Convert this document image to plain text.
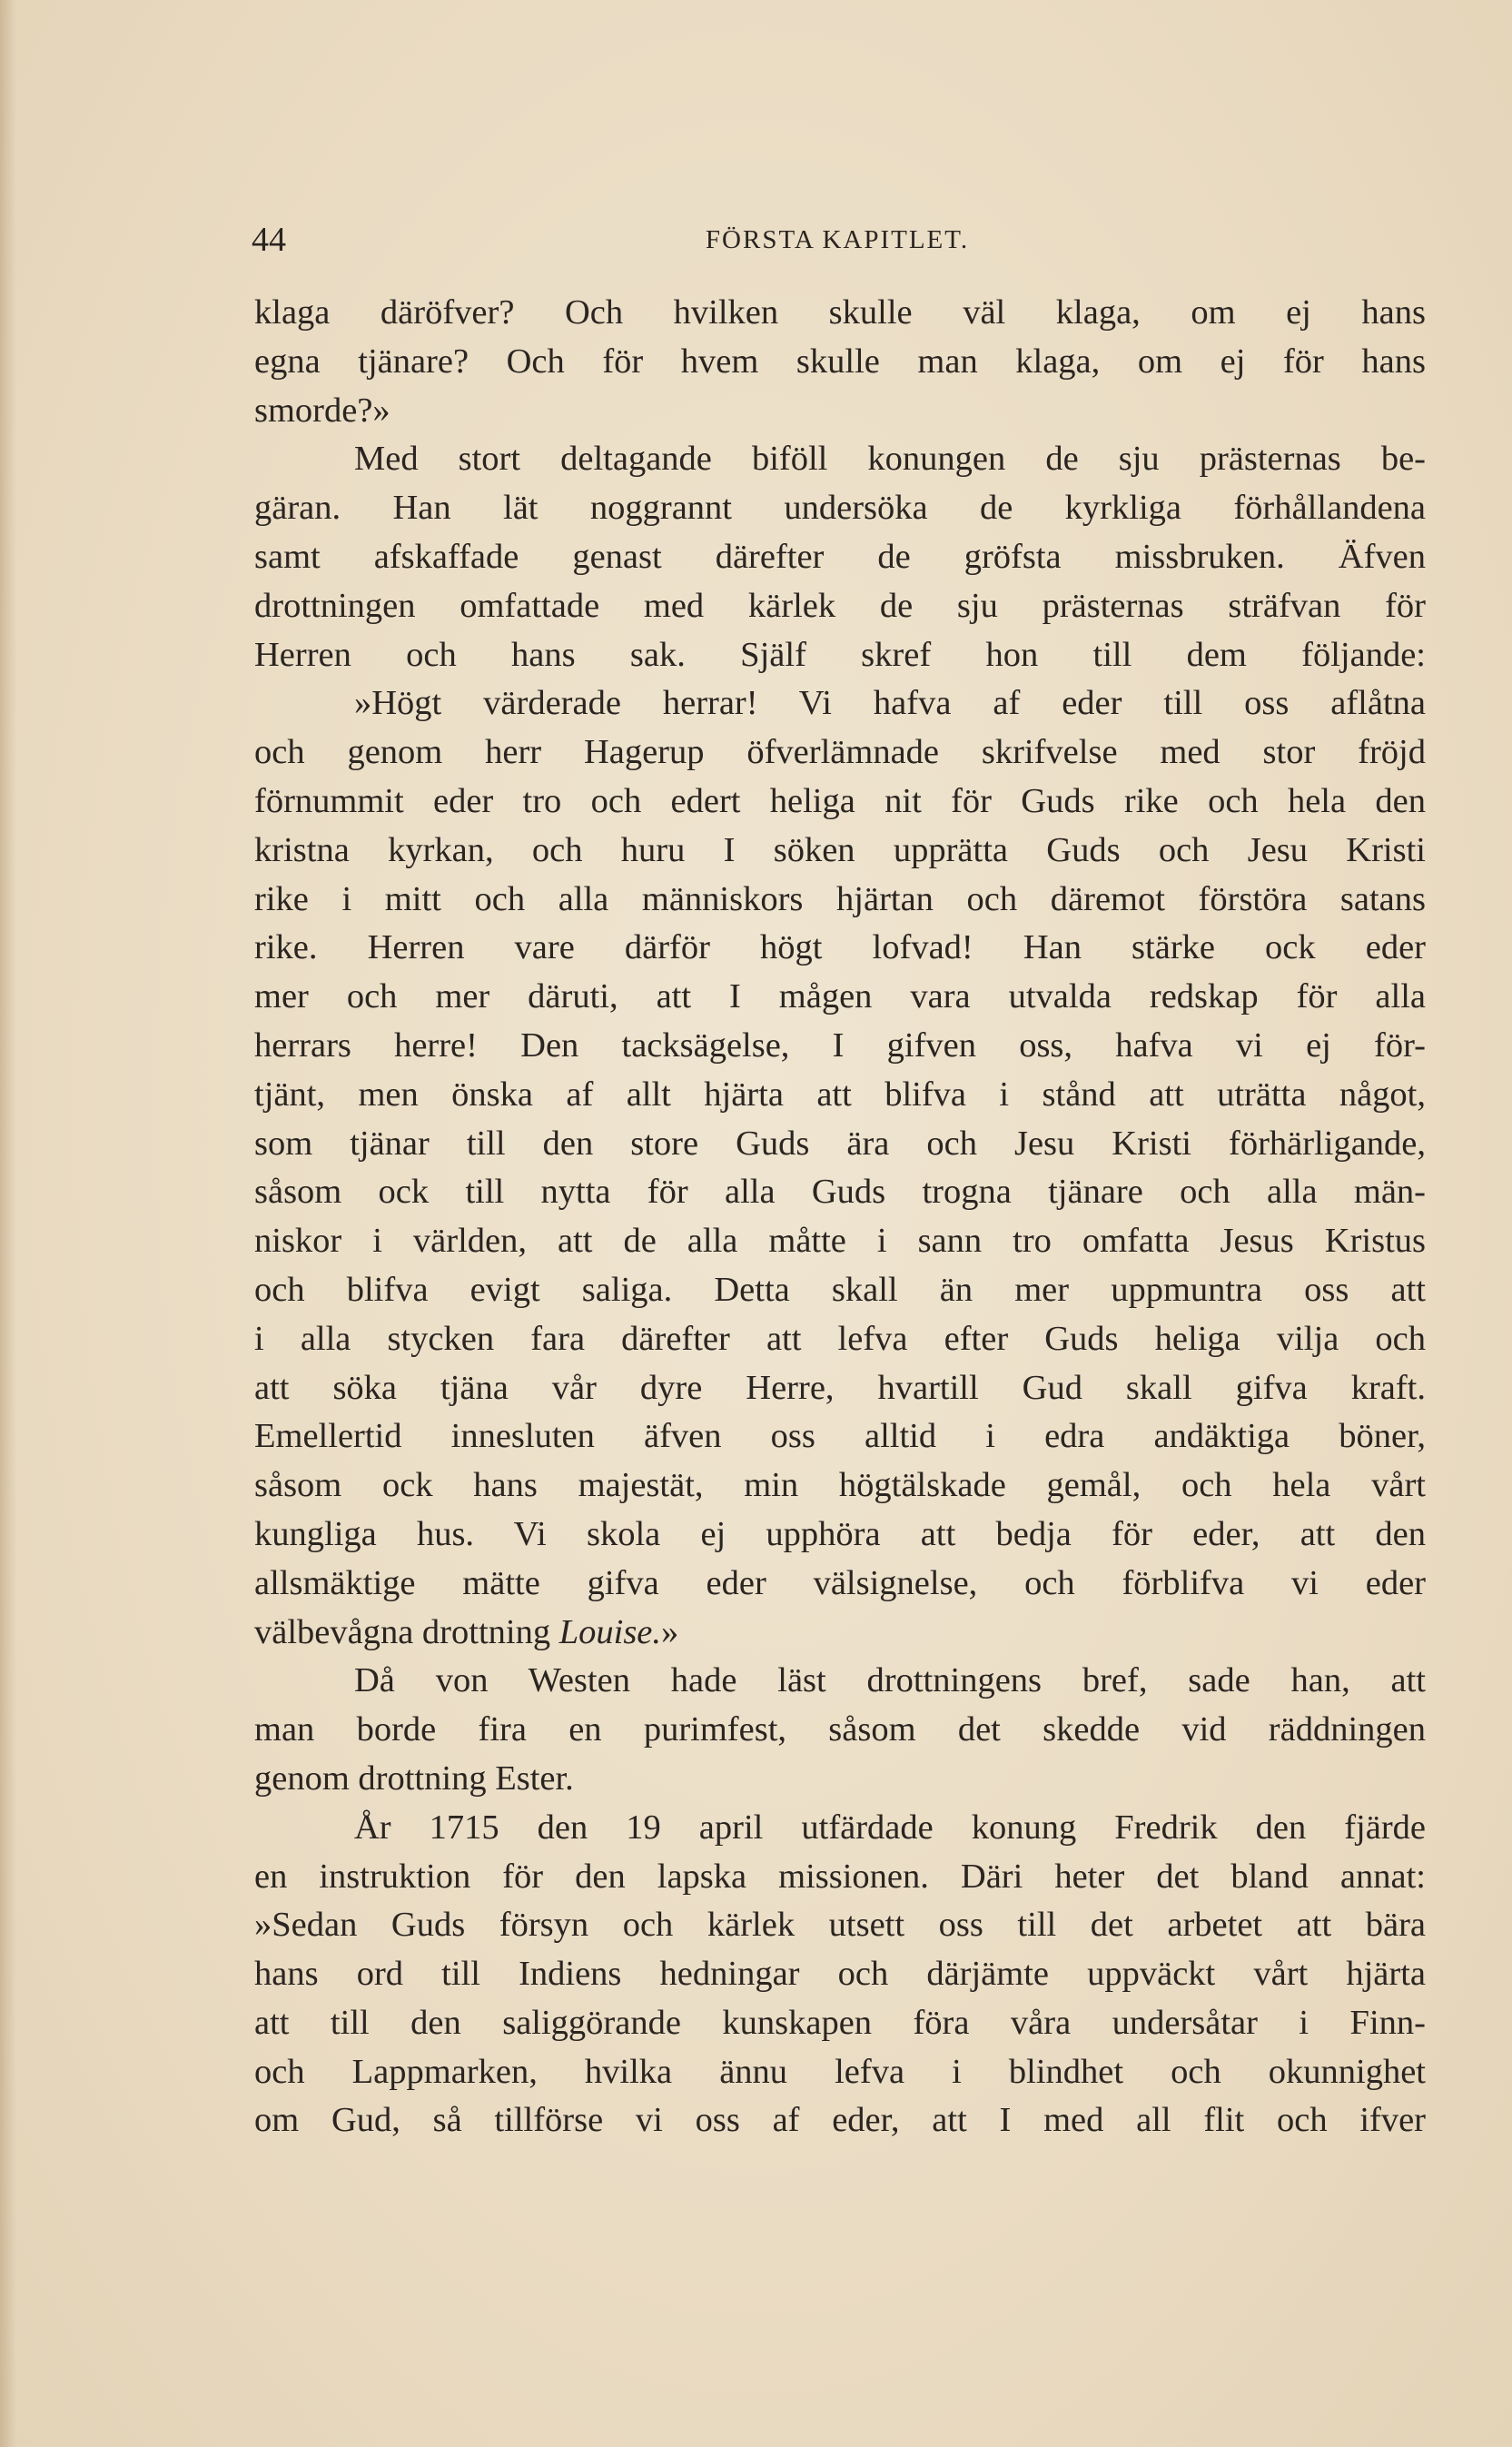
44	FÖRSTA KAPITLET.
klaga däröfver? Och hvilken skulle väl klaga, om ej hans
egna tjänare? Och för hvem skulle man klaga, om ej för hans
smorde?»
Med stort deltagande biföll konungen de sju prästernas be-
gäran. Han lät noggrannt undersöka de kyrkliga förhållandena
samt afskaffade genast därefter de gröfsta missbruken. Äfven
drottningen omfattade med kärlek de sju prästernas sträfvan för
Herren och hans sak. Själf skref hon till dem följande:
»Högt värderade herrar! Vi hafva af eder till oss aflåtna
och genom herr Hagerup öfverlämnade skrifvelse med stor fröjd
förnummit eder tro och edert heliga nit för Guds rike och hela den
kristna kyrkan, och huru I söken upprätta Guds och Jesu Kristi
rike i mitt och alla människors hjärtan och däremot förstöra satans
rike. Herren vare därför högt lofvad! Han stärke ock eder
mer och mer däruti, att I mågen vara utvalda redskap för alla
herrars herre! Den tacksägelse, I gifven oss, hafva vi ej för-
tjänt, men önska af allt hjärta att blifva i stånd att uträtta något,
som tjänar till den store Guds ära och Jesu Kristi förhärligande,
såsom ock till nytta för alla Guds trogna tjänare och alla män-
niskor i världen, att de alla måtte i sann tro omfatta Jesus Kristus
och blifva evigt saliga. Detta skall än mer uppmuntra oss att
i alla stycken fara därefter att lefva efter Guds heliga vilja och
att söka tjäna vår dyre Herre, hvartill Gud skall gifva kraft.
Emellertid inneslutеn äfven oss alltid i edra andäktiga böner,
såsom ock hans majestät, min högtälskade gemål, och hela vårt
kungliga hus. Vi skola ej upphöra att bedja för eder, att den
allsmäktige mätte gifva eder välsignelse, och förblifva vi eder
välbevågna drottning Louise.»
Då von Westen hade läst drottningens bref, sade han, att
man borde fira en purimfest, såsom det skedde vid räddningen
genom drottning Ester.
År 1715 den 19 april utfärdade konung Fredrik den fjärde
en instruktion för den lapska missionen. Däri heter det bland annat:
»Sedan Guds försyn och kärlek utsett oss till det arbetet att bära
hans ord till Indiens hedningar och därjämte uppväckt vårt hjärta
att till den saliggörande kunskapen föra våra undersåtar i Finn-
och Lappmarken, hvilka ännu lefva i blindhet och okunnighet
om Gud, så tillförse vi oss af eder, att I med all flit och ifver
